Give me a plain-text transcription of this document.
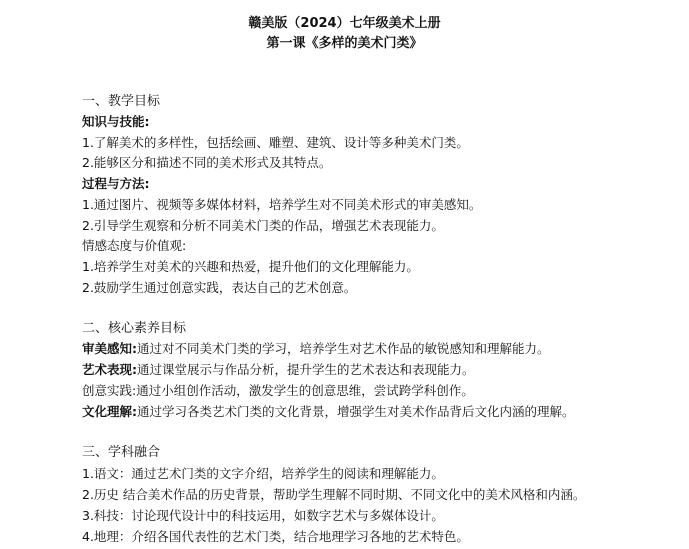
赣美版（2024）七年级美术上册
第一课《多样的美术门类》
一、教学目标
知识与技能:
1.了解美术的多样性，包括绘画、雕塑、建筑、设计等多种美术门类。
2.能够区分和描述不同的美术形式及其特点。
过程与方法:
1.通过图片、视频等多媒体材料，培养学生对不同美术形式的审美感知。
2.引导学生观察和分析不同美术门类的作品，增强艺术表现能力。
情感态度与价值观:
1.培养学生对美术的兴趣和热爱，提升他们的文化理解能力。
2.鼓励学生通过创意实践，表达自己的艺术创意。
二、核心素养目标
审美感知:通过对不同美术门类的学习，培养学生对艺术作品的敏锐感知和理解能力。
艺术表现:通过课堂展示与作品分析，提升学生的艺术表达和表现能力。
创意实践:通过小组创作活动，激发学生的创意思维，尝试跨学科创作。
文化理解:通过学习各类艺术门类的文化背景，增强学生对美术作品背后文化内涵的理解。
三、学科融合
1.语文：通过艺术门类的文字介绍，培养学生的阅读和理解能力。
2.历史 结合美术作品的历史背景，帮助学生理解不同时期、不同文化中的美术风格和内涵。
3.科技：讨论现代设计中的科技运用，如数字艺术与多媒体设计。
4.地理：介绍各国代表性的艺术门类，结合地理学习各地的艺术特色。
